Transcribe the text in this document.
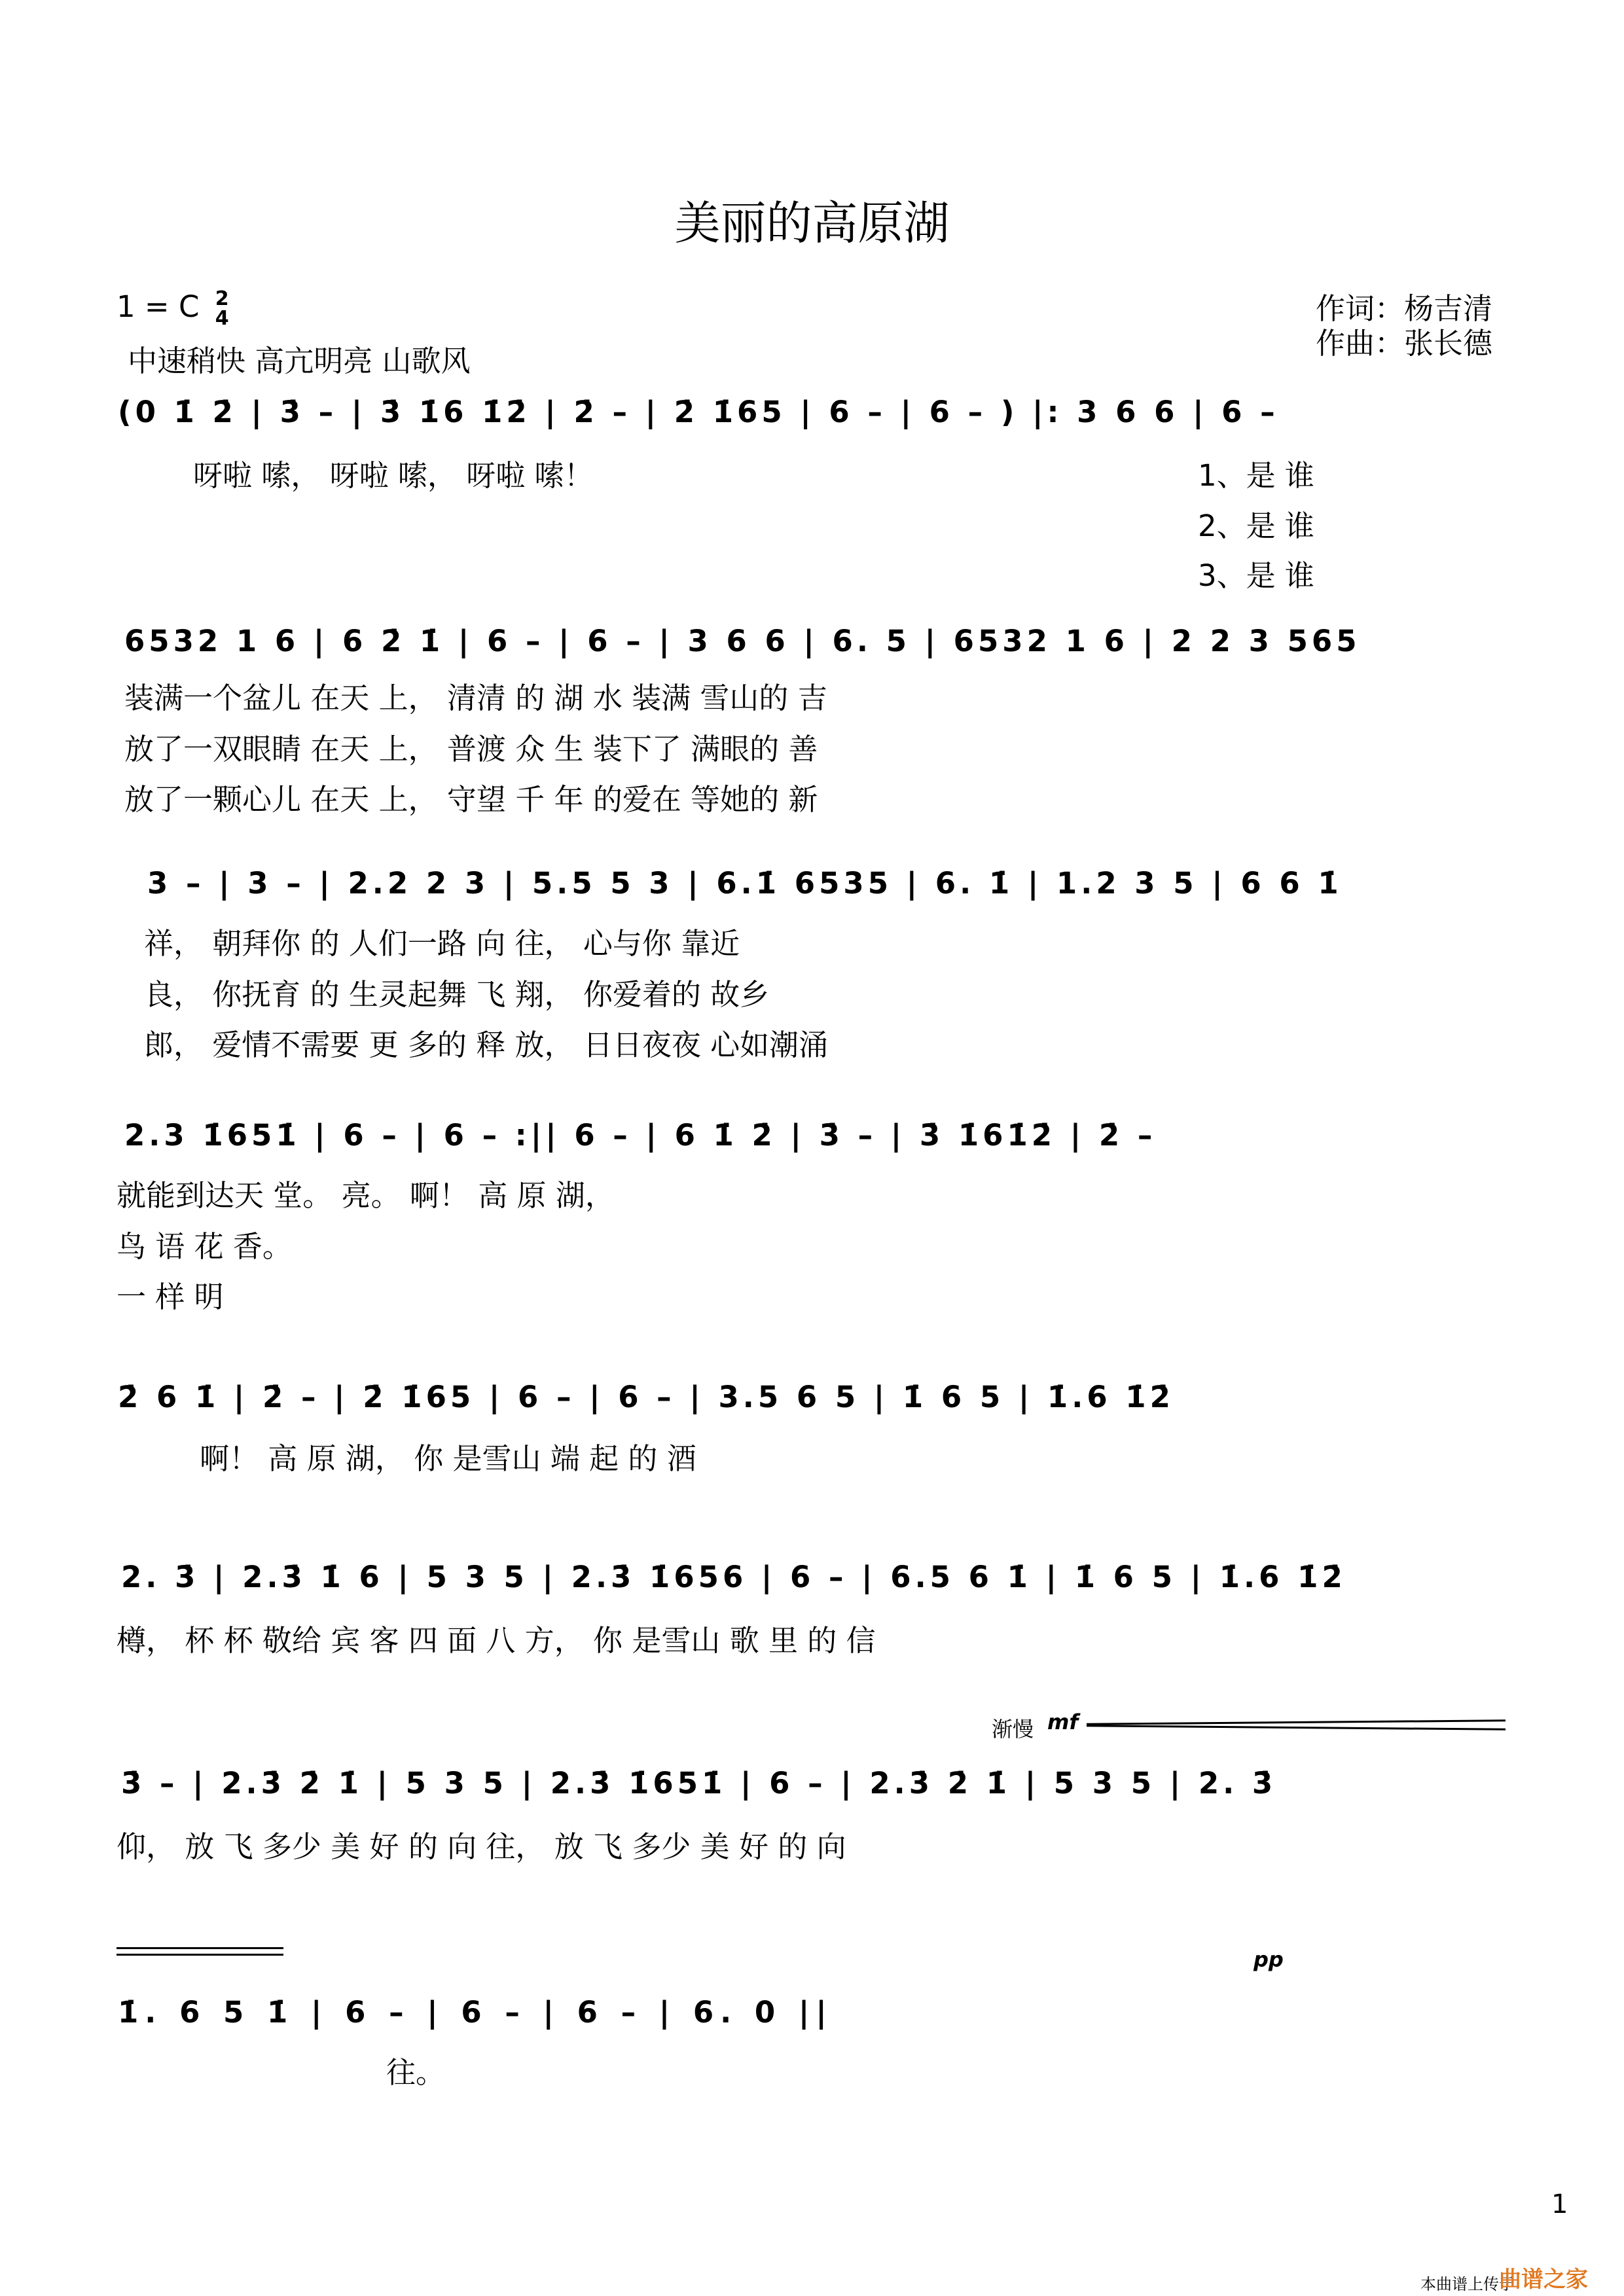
美丽的高原湖
1 = C 2
4
中速稍快 高亢明亮 山歌风
作词：杨吉清
作曲：张长德
(0 1̇ 2̇ | 3̇ – | 3̇ 1̇6 1̇2̇ | 2̇ – | 2̇ 1̇65 | 6 – | 6 – ) |: 3 6 6 | 6 –
呀啦 嗦， 呀啦 嗦， 呀啦 嗦！	1、是 谁
2、是 谁
3、是 谁
6532 1 6 | 6 2̇ 1̇ | 6 – | 6 – | 3 6 6 | 6. 5 | 6532 1 6 | 2 2 3 565
装满一个盆儿 在天 上， 清清 的 湖 水 装满 雪山的 吉
放了一双眼睛 在天 上， 普渡 众 生 装下了 满眼的 善
放了一颗心儿 在天 上， 守望 千 年 的爱在 等她的 新
3 – | 3 – | 2.2 2 3 | 5.5 5 3 | 6.1̇ 6535 | 6. 1̇ | 1.2 3 5 | 6 6 1̇
祥， 朝拜你 的 人们一路 向 往， 心与你 靠近
良， 你抚育 的 生灵起舞 飞 翔， 你爱着的 故乡
郎， 爱情不需要 更 多的 释 放， 日日夜夜 心如潮涌
2.3 1̇651̇ | 6 – | 6 – :|| 6 – | 6 1̇ 2̇ | 3̇ – | 3̇ 1̇61̇2̇ | 2̇ –
就能到达天 堂。 亮。 啊！ 高 原 湖，
鸟 语 花 香。
一 样 明
2̇ 6 1̇ | 2̇ – | 2̇ 1̇65 | 6 – | 6 – | 3.5 6 5 | 1̇ 6 5 | 1̇.6 1̇2̇
啊！ 高 原 湖， 你 是雪山 端 起 的 酒
2. 3̇ | 2.3̇ 1̇ 6 | 5 3 5 | 2.3̇ 1̇656 | 6 – | 6.5 6 1̇ | 1̇ 6 5 | 1̇.6 1̇2̇
樽， 杯 杯 敬给 宾 客 四 面 八 方， 你 是雪山 歌 里 的 信
渐慢 mf
3̇ – | 2.3̇ 2̇ 1̇ | 5 3 5 | 2.3̇ 1̇651̇ | 6 – | 2.3̇ 2̇ 1̇ | 5 3 5 | 2. 3̇
仰， 放 飞 多少 美 好 的 向 往， 放 飞 多少 美 好 的 向
pp
1̇. 6 5 1̇ | 6 – | 6 – | 6 – | 6. 0 ||
往。
1
本曲谱上传于
曲谱之家
